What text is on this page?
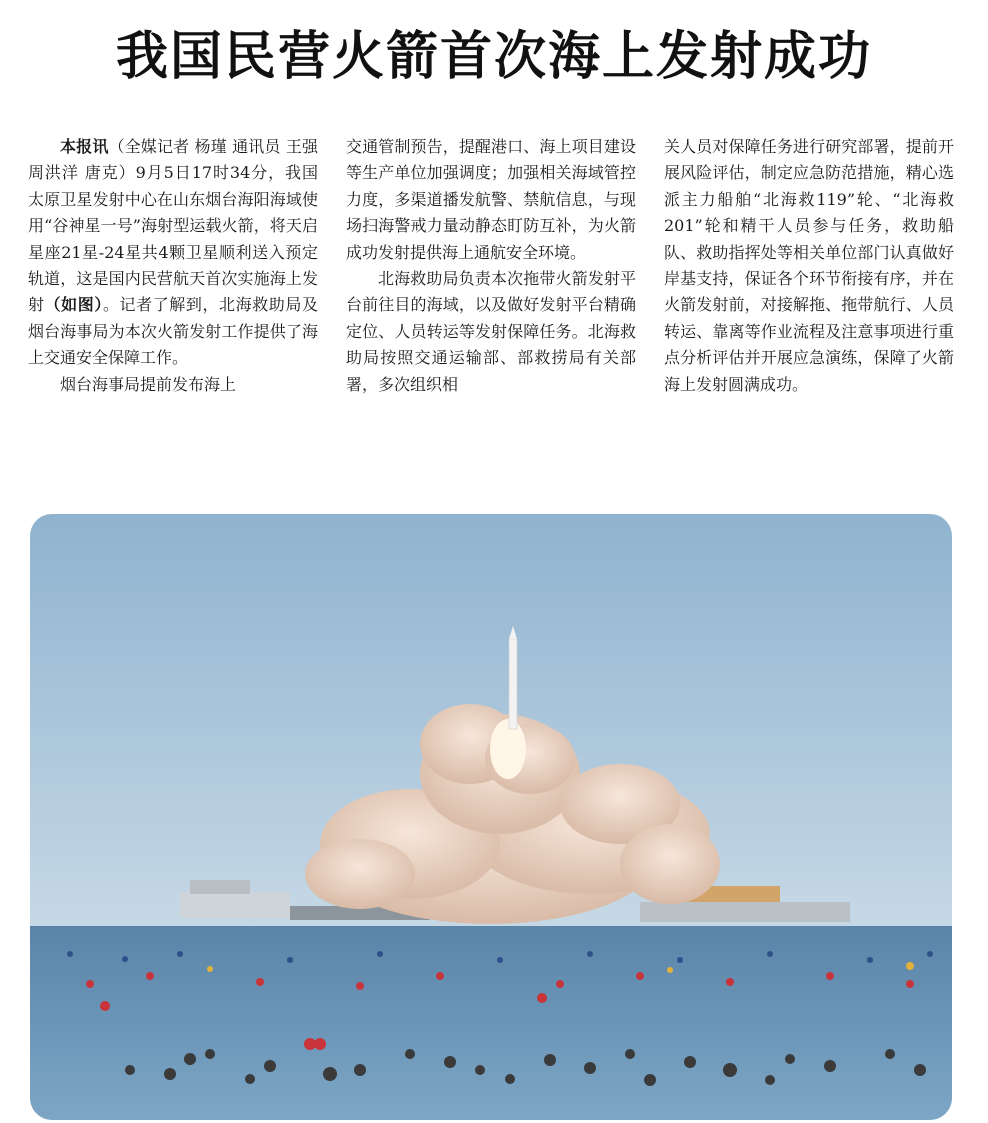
我国民营火箭首次海上发射成功

本报讯（全媒记者 杨瑾 通讯员 王强 周洪洋 唐克）9月5日17时34分，我国太原卫星发射中心在山东烟台海阳海域使用“谷神星一号”海射型运载火箭，将天启星座21星-24星共4颗卫星顺利送入预定轨道，这是国内民营航天首次实施海上发射（如图）。记者了解到，北海救助局及烟台海事局为本次火箭发射工作提供了海上交通安全保障工作。

烟台海事局提前发布海上

交通管制预告，提醒港口、海上项目建设等生产单位加强调度；加强相关海域管控力度，多渠道播发航警、禁航信息，与现场扫海警戒力量动静态盯防互补，为火箭成功发射提供海上通航安全环境。

北海救助局负责本次拖带火箭发射平台前往目的海域，以及做好发射平台精确定位、人员转运等发射保障任务。北海救助局按照交通运输部、部救捞局有关部署，多次组织相

关人员对保障任务进行研究部署，提前开展风险评估，制定应急防范措施，精心选派主力船舶“北海救119”轮、“北海救201”轮和精干人员参与任务，救助船队、救助指挥处等相关单位部门认真做好岸基支持，保证各个环节衔接有序，并在火箭发射前，对接解拖、拖带航行、人员转运、靠离等作业流程及注意事项进行重点分析评估并开展应急演练，保障了火箭海上发射圆满成功。
